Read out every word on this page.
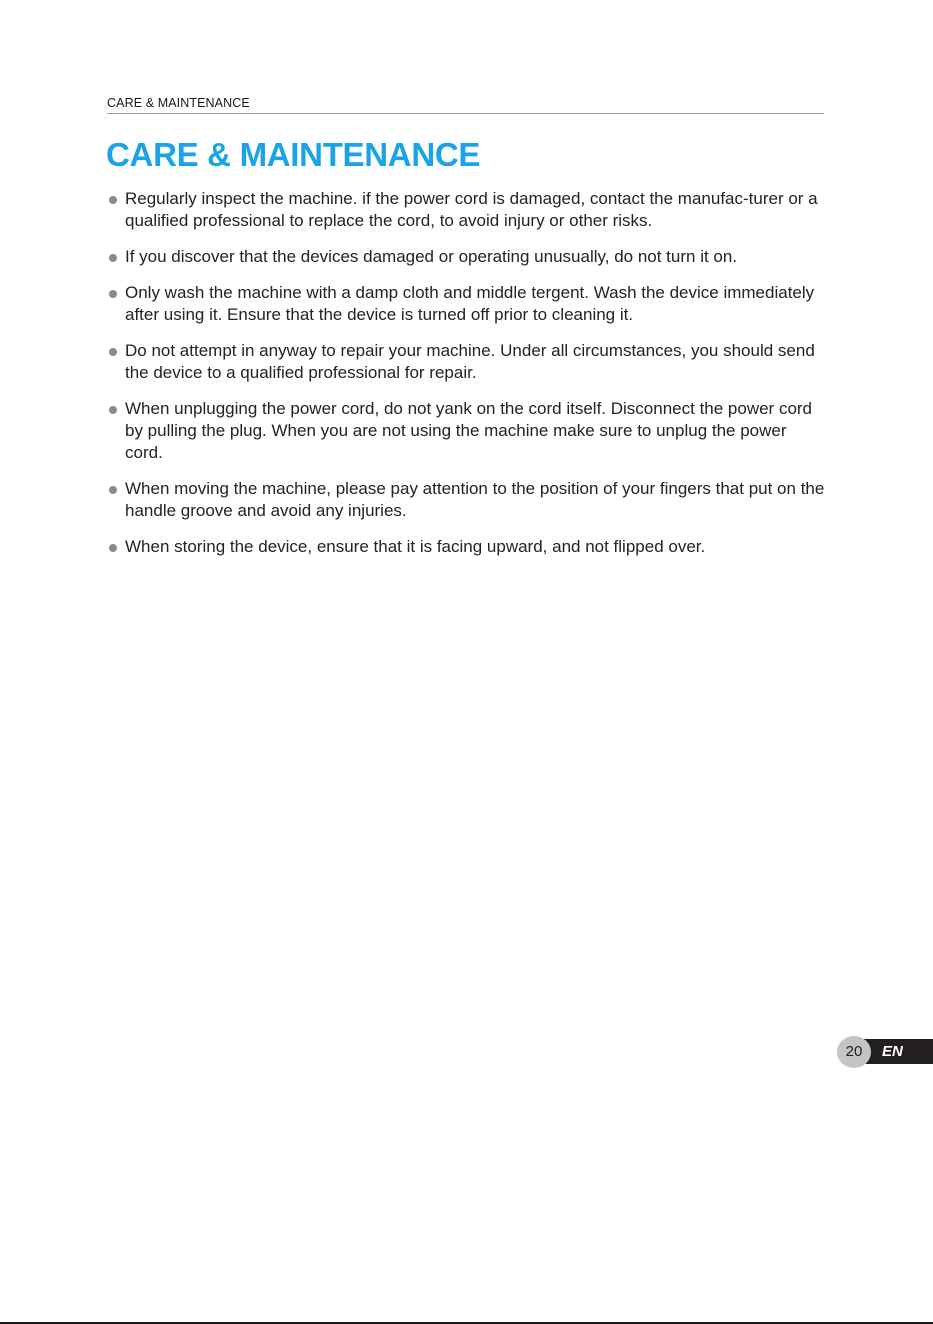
CARE & MAINTENANCE
CARE & MAINTENANCE
Regularly inspect the machine. if the power cord is damaged, contact the manufac-turer or a qualified professional to replace the cord, to avoid injury or other risks.
If you discover that the devices damaged or operating unusually, do not turn it on.
Only wash the machine with a damp cloth and middle tergent. Wash the device immediately after using it. Ensure that the device is turned off prior to cleaning it.
Do not attempt in anyway to repair your machine. Under all circumstances, you should send the device to a qualified professional for repair.
When unplugging the power cord, do not yank on the cord itself. Disconnect the power cord by pulling the plug. When you are not using the machine make sure to unplug the power cord.
When moving the machine, please pay attention to the position of your fingers that put on the handle groove and avoid any injuries.
When storing the device, ensure that it is facing upward, and not flipped over.
EN
20
